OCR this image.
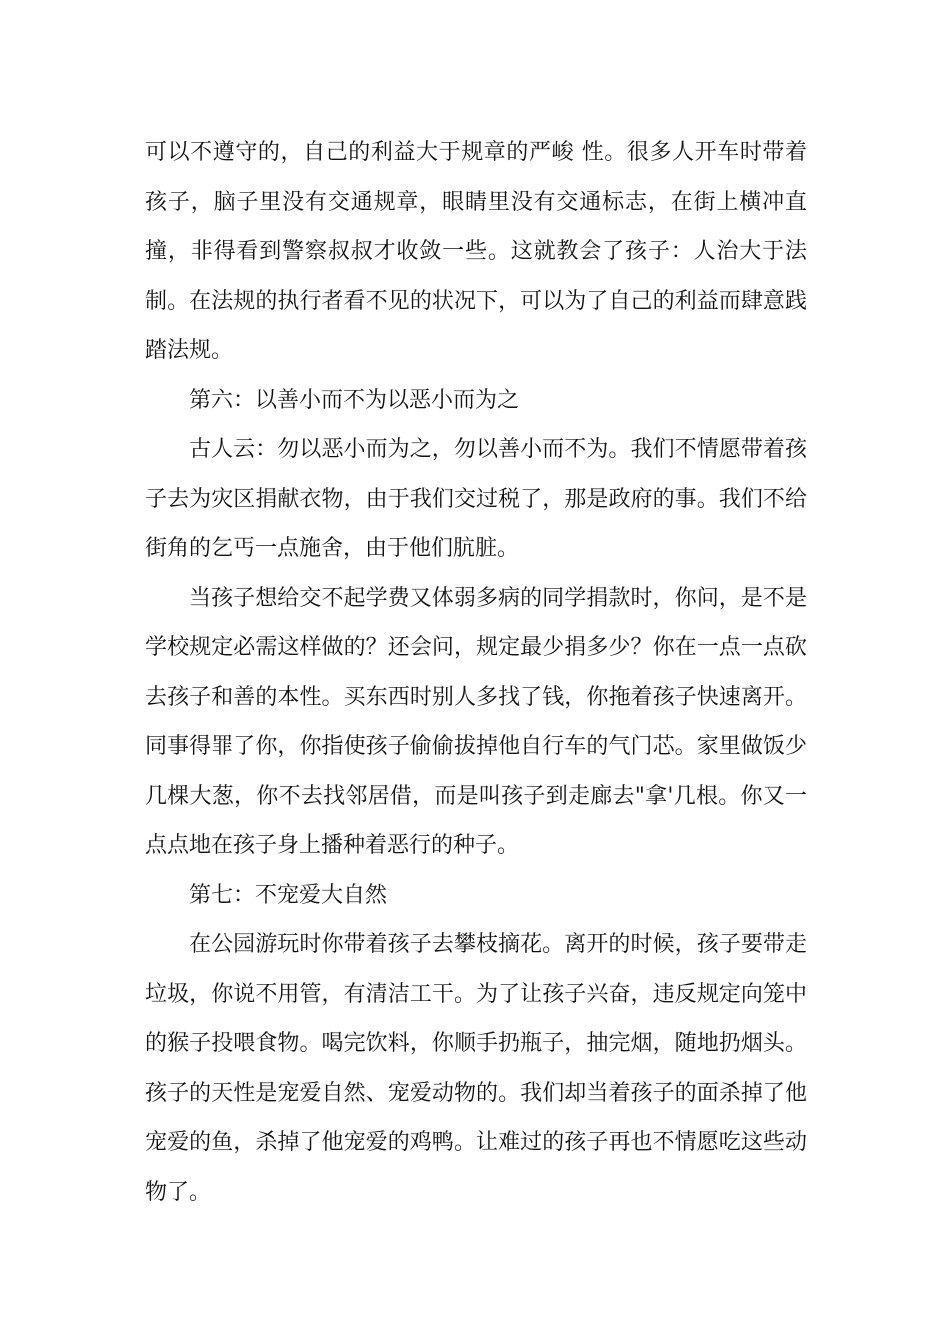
可以不遵守的，自己的利益大于规章的严峻 性。很多人开车时带着孩子，脑子里没有交通规章，眼睛里没有交通标志，在街上横冲直撞，非得看到警察叔叔才收敛一些。这就教会了孩子：人治大于法制。在法规的执行者看不见的状况下，可以为了自己的利益而肆意践踏法规。

第六：以善小而不为以恶小而为之

古人云：勿以恶小而为之，勿以善小而不为。我们不情愿带着孩子去为灾区捐献衣物，由于我们交过税了，那是政府的事。我们不给街角的乞丐一点施舍，由于他们肮脏。

当孩子想给交不起学费又体弱多病的同学捐款时，你问，是不是学校规定必需这样做的？还会问，规定最少捐多少？你在一点一点砍去孩子和善的本性。买东西时别人多找了钱，你拖着孩子快速离开。同事得罪了你，你指使孩子偷偷拔掉他自行车的气门芯。家里做饭少几棵大葱，你不去找邻居借，而是叫孩子到走廊去"拿'几根。你又一点点地在孩子身上播种着恶行的种子。

第七：不宠爱大自然

在公园游玩时你带着孩子去攀枝摘花。离开的时候，孩子要带走垃圾，你说不用管，有清洁工干。为了让孩子兴奋，违反规定向笼中的猴子投喂食物。喝完饮料，你顺手扔瓶子，抽完烟，随地扔烟头。孩子的天性是宠爱自然、宠爱动物的。我们却当着孩子的面杀掉了他宠爱的鱼，杀掉了他宠爱的鸡鸭。让难过的孩子再也不情愿吃这些动物了。
